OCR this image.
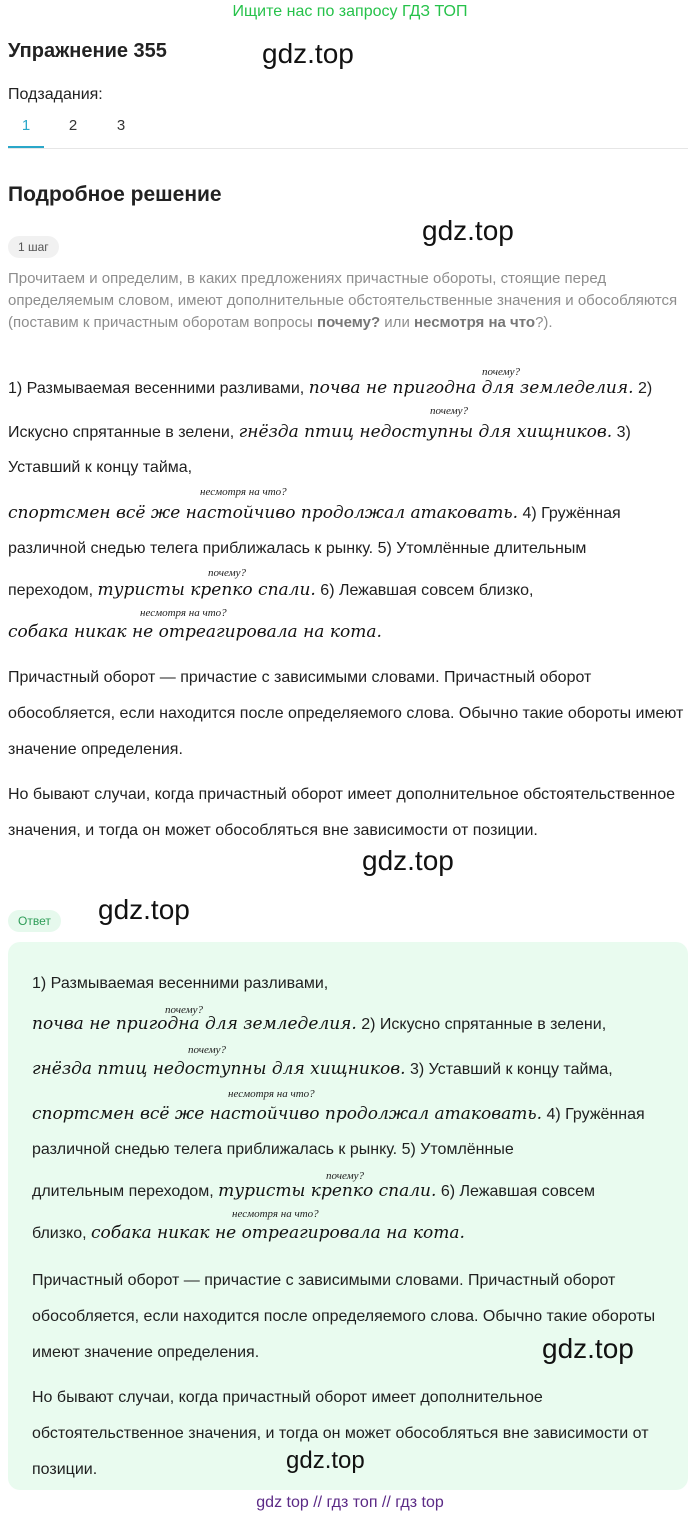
Ищите нас по запросу ГДЗ ТОП
Упражнение 355	gdz.top
Подзадания:
1	2	3
Подробное решение
gdz.top
1 шаг
Прочитаем и определим, в каких предложениях причастные обороты, стоящие перед определяемым словом, имеют дополнительные обстоятельственные значения и обособляются (поставим к причастным оборотам вопросы почему? или несмотря на что?).
почему?
1) Размываемая весенними разливами, почва не пригодна для земледелия. 2)
почему?
Искусно спрятанные в зелени, гнёзда птиц недоступны для хищников. 3)
Уставший к концу тайма,
несмотря на что?
спортсмен всё же настойчиво продолжал атаковать. 4) Гружённая
различной снедью телега приближалась к рынку. 5) Утомлённые длительным
почему?
переходом, туристы крепко спали. 6) Лежавшая совсем близко,
несмотря на что?
собака никак не отреагировала на кота.
Причастный оборот — причастие с зависимыми словами. Причастный оборот обособляется, если находится после определяемого слова. Обычно такие обороты имеют значение определения.
Но бывают случаи, когда причастный оборот имеет дополнительное обстоятельственное значения, и тогда он может обособляться вне зависимости от позиции.
gdz.top
Ответ	gdz.top
1) Размываемая весенними разливами,
почему?
почва не пригодна для земледелия. 2) Искусно спрятанные в зелени,
почему?
гнёзда птиц недоступны для хищников. 3) Уставший к концу тайма,
несмотря на что?
спортсмен всё же настойчиво продолжал атаковать. 4) Гружённая
различной снедью телега приближалась к рынку. 5) Утомлённые
почему?
длительным переходом, туристы крепко спали. 6) Лежавшая совсем
несмотря на что?
близко, собака никак не отреагировала на кота.
Причастный оборот — причастие с зависимыми словами. Причастный оборот обособляется, если находится после определяемого слова. Обычно такие обороты имеют значение определения.	gdz.top
Но бывают случаи, когда причастный оборот имеет дополнительное обстоятельственное значения, и тогда он может обособляться вне зависимости от позиции.	gdz.top
gdz top // гдз топ // гдз top
